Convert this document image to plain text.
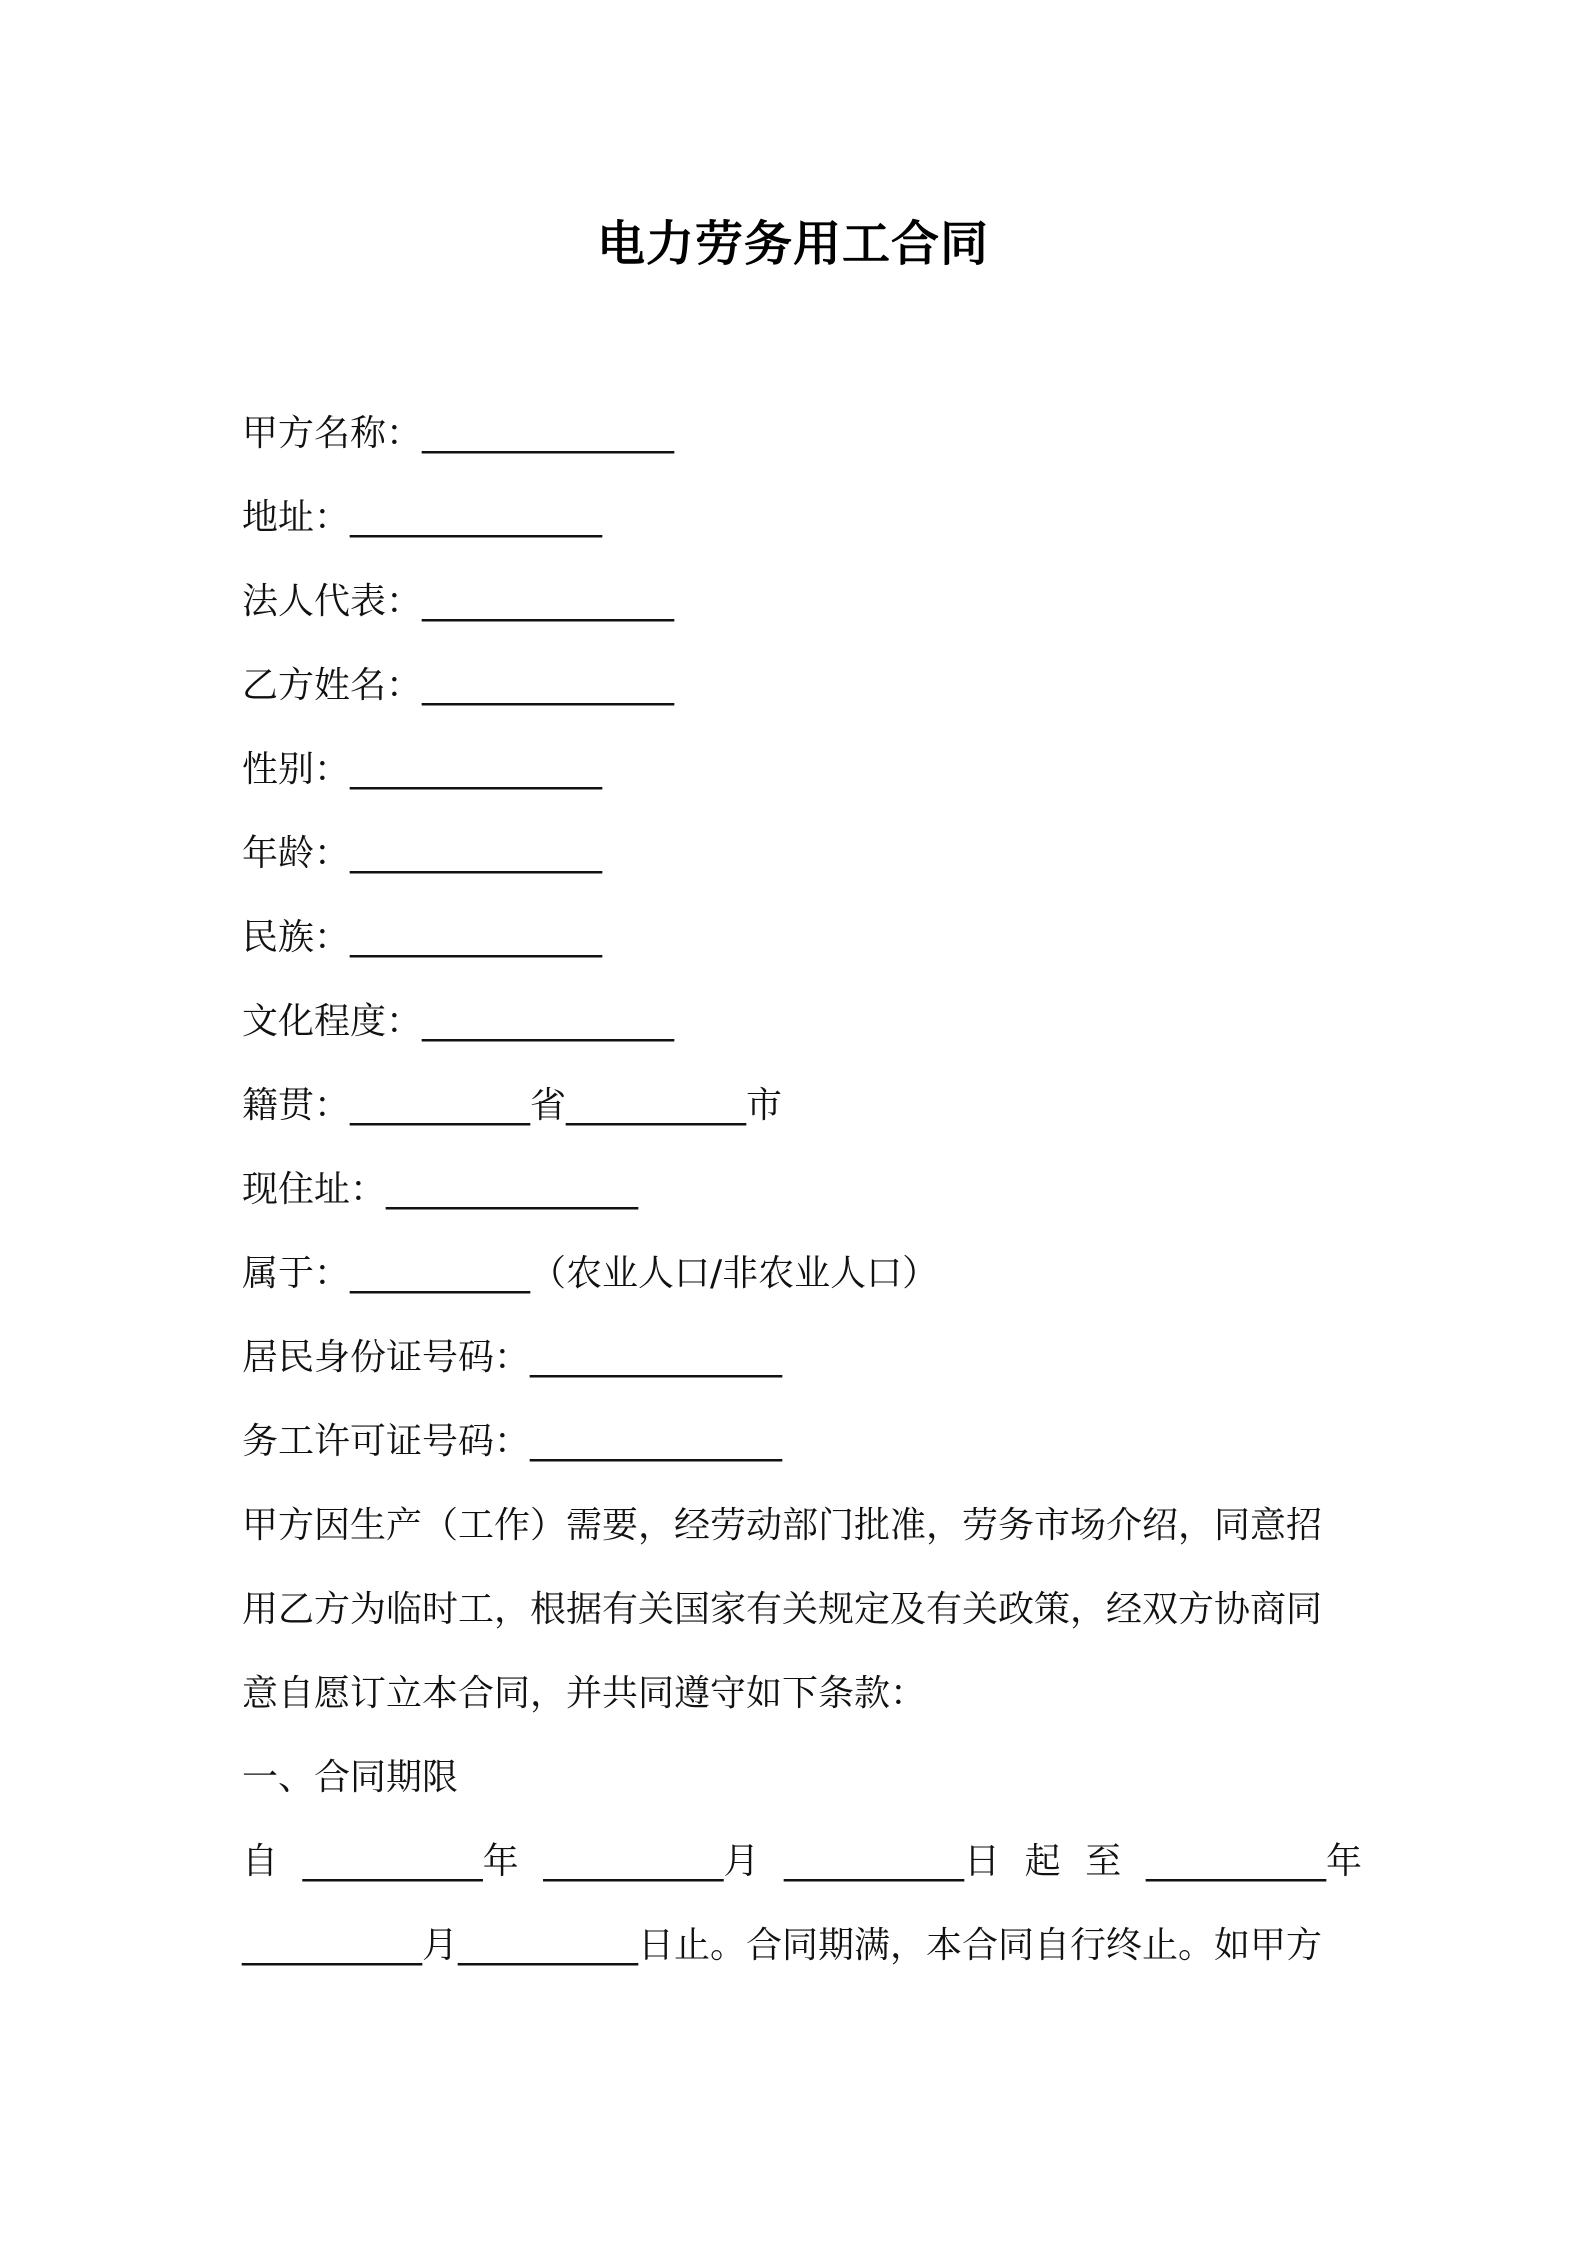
电力劳务用工合同
甲方名称：______________
地址：______________
法人代表：______________
乙方姓名：______________
性别：______________
年龄：______________
民族：______________
文化程度：______________
籍贯：__________省__________市
现住址：______________
属于：__________（农业人口/非农业人口）
居民身份证号码：______________
务工许可证号码：______________
甲方因生产（工作）需要，经劳动部门批准，劳务市场介绍，同意招
用乙方为临时工，根据有关国家有关规定及有关政策，经双方协商同
意自愿订立本合同，并共同遵守如下条款：
一、合同期限
自 __________年 __________月 __________日 起 至 __________年
__________月__________日止。合同期满，本合同自行终止。如甲方
